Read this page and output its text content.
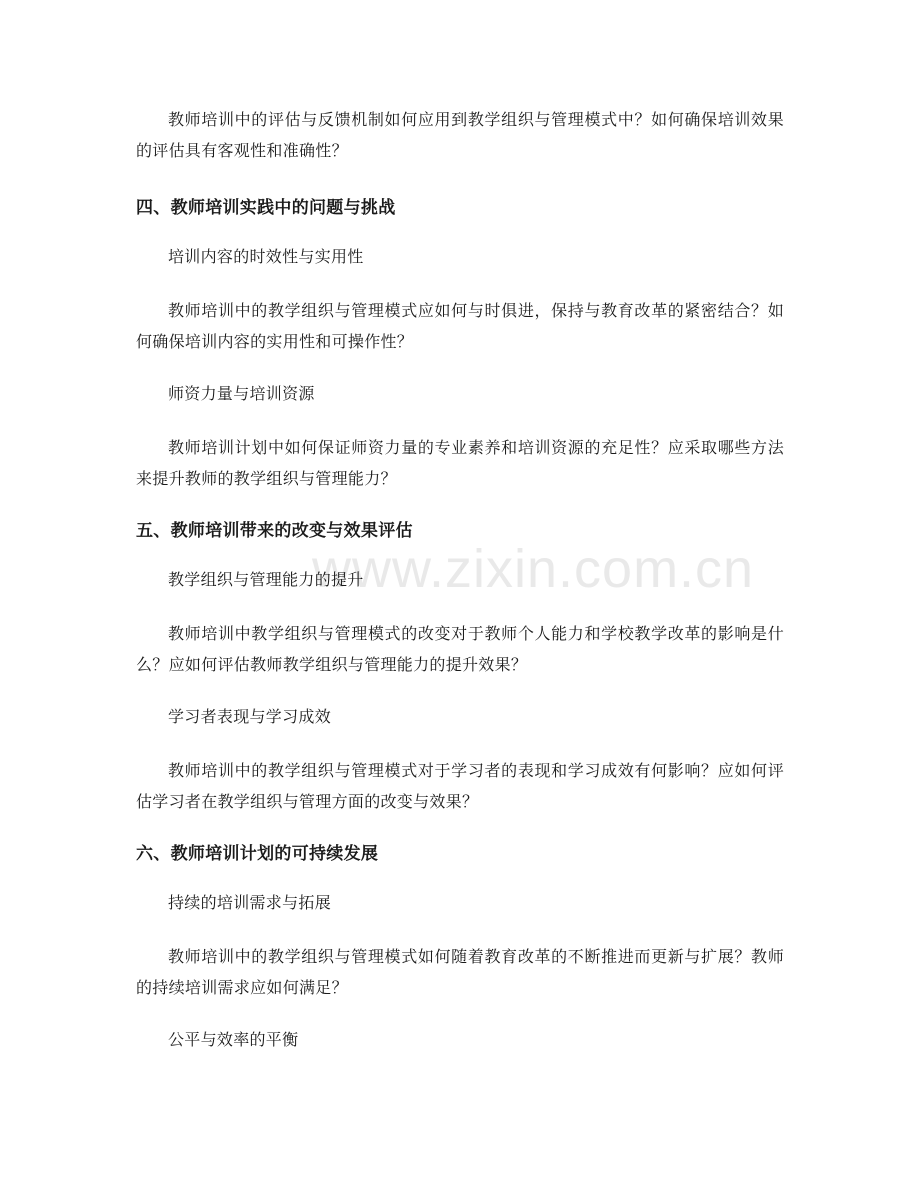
www.zixin.com.cn

教师培训中的评估与反馈机制如何应用到教学组织与管理模式中？如何确保培训效果的评估具有客观性和准确性？

四、教师培训实践中的问题与挑战

培训内容的时效性与实用性

教师培训中的教学组织与管理模式应如何与时俱进，保持与教育改革的紧密结合？如何确保培训内容的实用性和可操作性？

师资力量与培训资源

教师培训计划中如何保证师资力量的专业素养和培训资源的充足性？应采取哪些方法来提升教师的教学组织与管理能力？

五、教师培训带来的改变与效果评估

教学组织与管理能力的提升

教师培训中教学组织与管理模式的改变对于教师个人能力和学校教学改革的影响是什么？应如何评估教师教学组织与管理能力的提升效果？

学习者表现与学习成效

教师培训中的教学组织与管理模式对于学习者的表现和学习成效有何影响？应如何评估学习者在教学组织与管理方面的改变与效果？

六、教师培训计划的可持续发展

持续的培训需求与拓展

教师培训中的教学组织与管理模式如何随着教育改革的不断推进而更新与扩展？教师的持续培训需求应如何满足？

公平与效率的平衡
